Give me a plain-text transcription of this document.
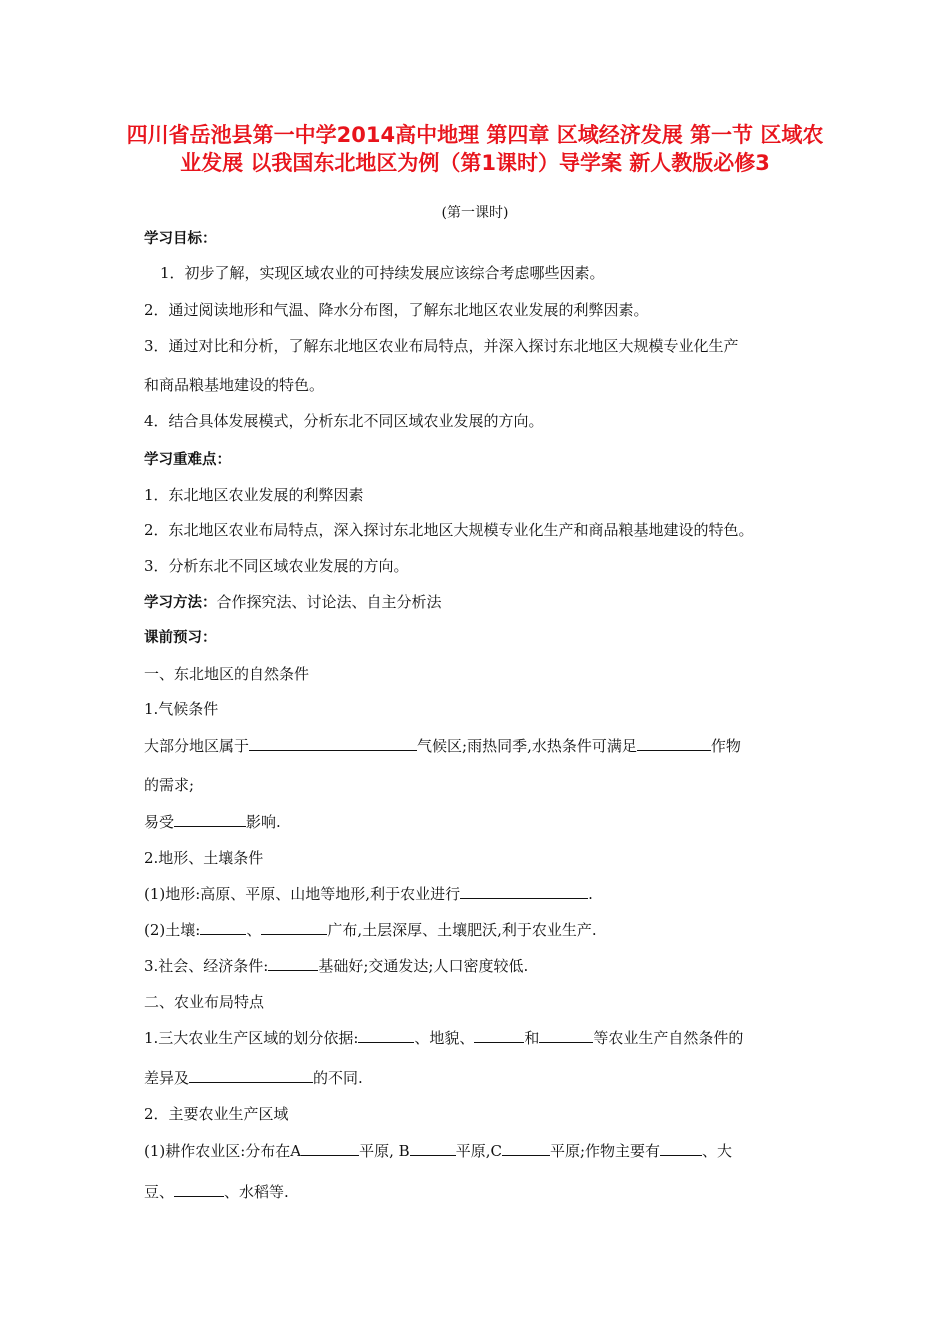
四川省岳池县第一中学2014高中地理 第四章 区域经济发展 第一节 区域农业发展 以我国东北地区为例（第1课时）导学案 新人教版必修3
(第一课时)
学习目标：
1．初步了解，实现区域农业的可持续发展应该综合考虑哪些因素。
2．通过阅读地形和气温、降水分布图，了解东北地区农业发展的利弊因素。
3．通过对比和分析，了解东北地区农业布局特点，并深入探讨东北地区大规模专业化生产
和商品粮基地建设的特色。
4．结合具体发展模式，分析东北不同区域农业发展的方向。
学习重难点：
1．东北地区农业发展的利弊因素
2．东北地区农业布局特点，深入探讨东北地区大规模专业化生产和商品粮基地建设的特色。
3．分析东北不同区域农业发展的方向。
学习方法：合作探究法、讨论法、自主分析法
课前预习：
一、东北地区的自然条件
1.气候条件
大部分地区属于	气候区;雨热同季,水热条件可满足	作物
的需求;
易受	影响.
2.地形、土壤条件
(1)地形:高原、平原、山地等地形,利于农业进行	.
(2)土壤:	、	广布,土层深厚、土壤肥沃,利于农业生产.
3.社会、经济条件:	基础好;交通发达;人口密度较低.
二、农业布局特点
1.三大农业生产区域的划分依据:	、地貌、	和	等农业生产自然条件的
差异及	的不同.
2．主要农业生产区域
(1)耕作农业区:分布在A	平原, B	平原,C	平原;作物主要有	、大
豆、	、水稻等.
